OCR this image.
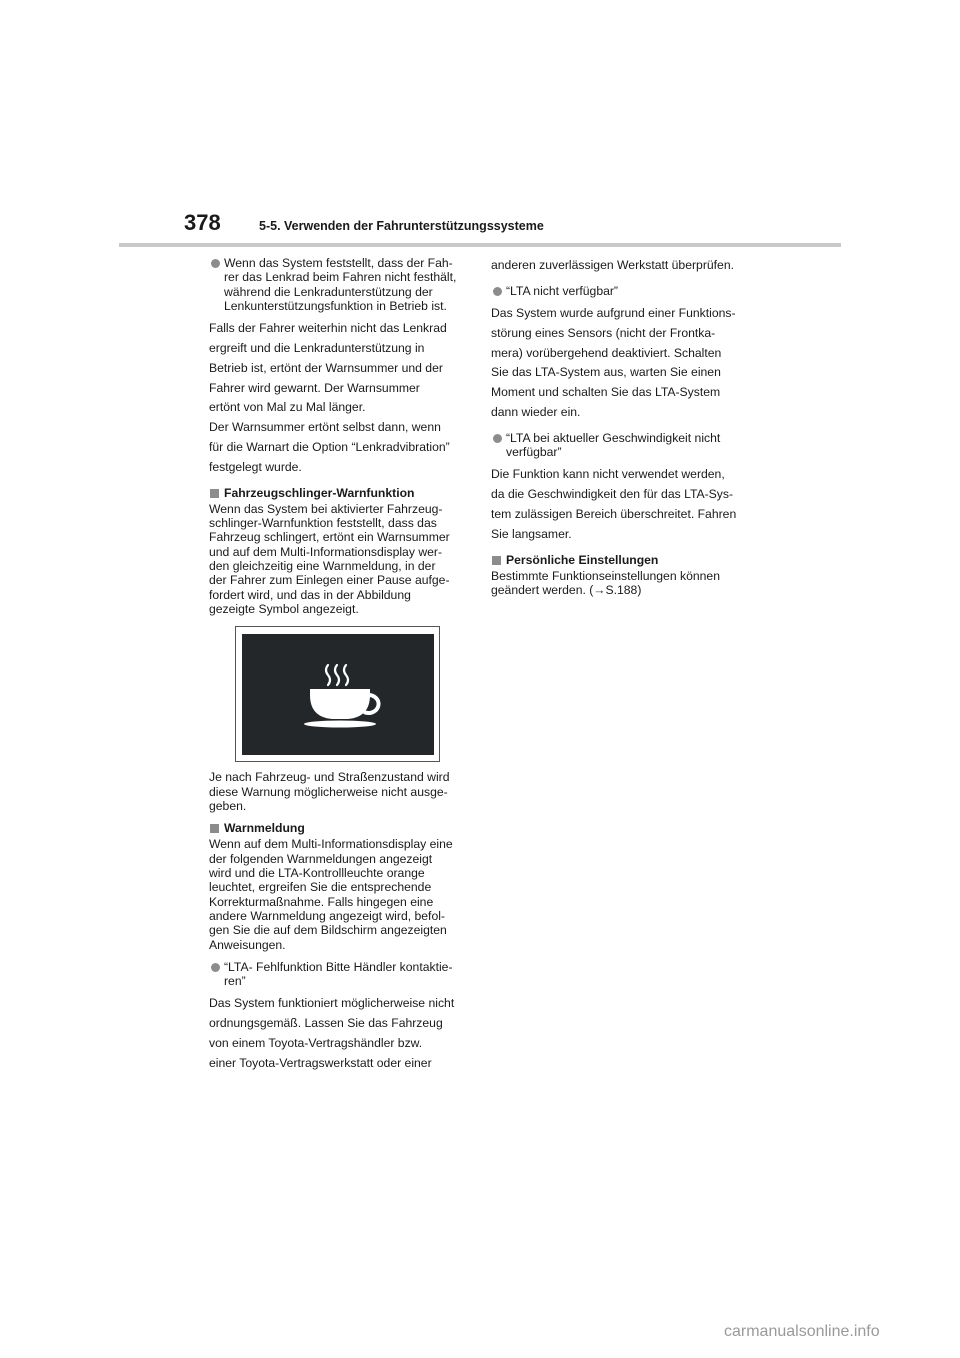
378	5-5. Verwenden der Fahrunterstützungssysteme
Wenn das System feststellt, dass der Fah-
rer das Lenkrad beim Fahren nicht festhält,
während die Lenkradunterstützung der
Lenkunterstützungsfunktion in Betrieb ist.
Falls der Fahrer weiterhin nicht das Lenkrad
ergreift und die Lenkradunterstützung in
Betrieb ist, ertönt der Warnsummer und der
Fahrer wird gewarnt. Der Warnsummer
ertönt von Mal zu Mal länger.
Der Warnsummer ertönt selbst dann, wenn
für die Warnart die Option “Lenkradvibration”
festgelegt wurde.
Fahrzeugschlinger-Warnfunktion
Wenn das System bei aktivierter Fahrzeug-
schlinger-Warnfunktion feststellt, dass das
Fahrzeug schlingert, ertönt ein Warnsummer
und auf dem Multi-Informationsdisplay wer-
den gleichzeitig eine Warnmeldung, in der
der Fahrer zum Einlegen einer Pause aufge-
fordert wird, und das in der Abbildung
gezeigte Symbol angezeigt.
Je nach Fahrzeug- und Straßenzustand wird
diese Warnung möglicherweise nicht ausge-
geben.
Warnmeldung
Wenn auf dem Multi-Informationsdisplay eine
der folgenden Warnmeldungen angezeigt
wird und die LTA-Kontrollleuchte orange
leuchtet, ergreifen Sie die entsprechende
Korrekturmaßnahme. Falls hingegen eine
andere Warnmeldung angezeigt wird, befol-
gen Sie die auf dem Bildschirm angezeigten
Anweisungen.
“LTA- Fehlfunktion Bitte Händler kontaktie-
ren”
Das System funktioniert möglicherweise nicht
ordnungsgemäß. Lassen Sie das Fahrzeug
von einem Toyota-Vertragshändler bzw.
einer Toyota-Vertragswerkstatt oder einer
anderen zuverlässigen Werkstatt überprüfen.
“LTA nicht verfügbar”
Das System wurde aufgrund einer Funktions-
störung eines Sensors (nicht der Frontka-
mera) vorübergehend deaktiviert. Schalten
Sie das LTA-System aus, warten Sie einen
Moment und schalten Sie das LTA-System
dann wieder ein.
“LTA bei aktueller Geschwindigkeit nicht
verfügbar”
Die Funktion kann nicht verwendet werden,
da die Geschwindigkeit den für das LTA-Sys-
tem zulässigen Bereich überschreitet. Fahren
Sie langsamer.
Persönliche Einstellungen
Bestimmte Funktionseinstellungen können
geändert werden. (→S.188)
carmanualsonline.info
